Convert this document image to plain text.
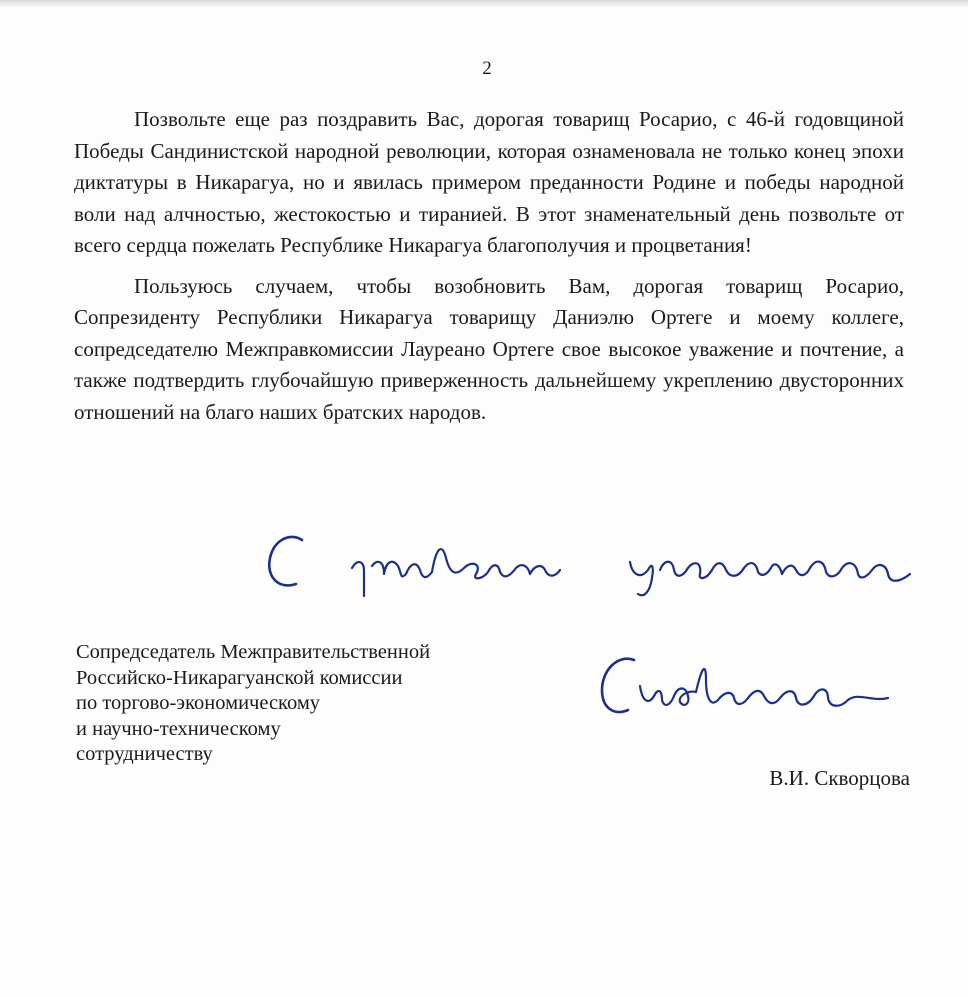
2

Позвольте еще раз поздравить Вас, дорогая товарищ Росарио, с 46-й годовщиной Победы Сандинистской народной революции, которая ознаменовала не только конец эпохи диктатуры в Никарагуа, но и явилась примером преданности Родине и победы народной воли над алчностью, жестокостью и тиранией. В этот знаменательный день позвольте от всего сердца пожелать Республике Никарагуа благополучия и процветания!

Пользуюсь случаем, чтобы возобновить Вам, дорогая товарищ Росарио, Сопрезиденту Республики Никарагуа товарищу Даниэлю Ортеге и моему коллеге, сопредседателю Межправкомиссии Лауреано Ортеге свое высокое уважение и почтение, а также подтвердить глубочайшую приверженность дальнейшему укреплению двусторонних отношений на благо наших братских народов.

Сопредседатель Межправительственной
Российско-Никарагуанской комиссии
по торгово-экономическому
и научно-техническому
сотрудничеству
В.И. Скворцова
